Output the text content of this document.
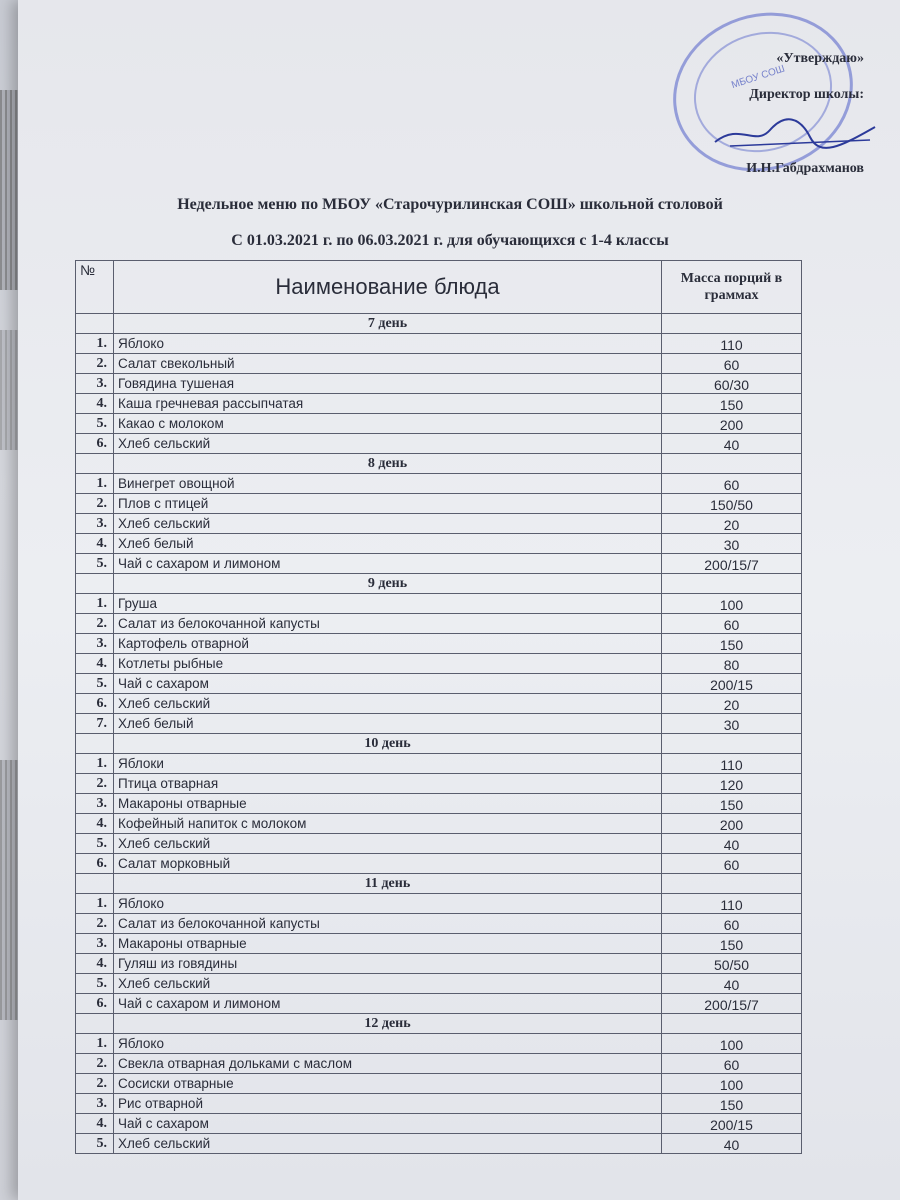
МБОУ СОШ
«Утверждаю»
Директор школы:
И.Н.Габдрахманов
Недельное меню по МБОУ «Старочурилинская СОШ» школьной столовой
С 01.03.2021 г. по 06.03.2021 г. для обучающихся с 1-4 классы
№	Наименование блюда	Масса порций в граммах
	7 день	
1.	Яблоко	110
2.	Салат свекольный	60
3.	Говядина тушеная	60/30
4.	Каша гречневая рассыпчатая	150
5.	Какао с молоком	200
6.	Хлеб сельский	40
	8 день	
1.	Винегрет овощной	60
2.	Плов с птицей	150/50
3.	Хлеб сельский	20
4.	Хлеб белый	30
5.	Чай с сахаром и лимоном	200/15/7
	9 день	
1.	Груша	100
2.	Салат из белокочанной капусты	60
3.	Картофель отварной	150
4.	Котлеты рыбные	80
5.	Чай с сахаром	200/15
6.	Хлеб сельский	20
7.	Хлеб белый	30
	10 день	
1.	Яблоки	110
2.	Птица отварная	120
3.	Макароны отварные	150
4.	Кофейный напиток с молоком	200
5.	Хлеб сельский	40
6.	Салат морковный	60
	11 день	
1.	Яблоко	110
2.	Салат из белокочанной капусты	60
3.	Макароны отварные	150
4.	Гуляш из говядины	50/50
5.	Хлеб сельский	40
6.	Чай с сахаром и лимоном	200/15/7
	12 день	
1.	Яблоко	100
2.	Свекла отварная дольками с маслом	60
2.	Сосиски отварные	100
3.	Рис отварной	150
4.	Чай с сахаром	200/15
5.	Хлеб сельский	40
